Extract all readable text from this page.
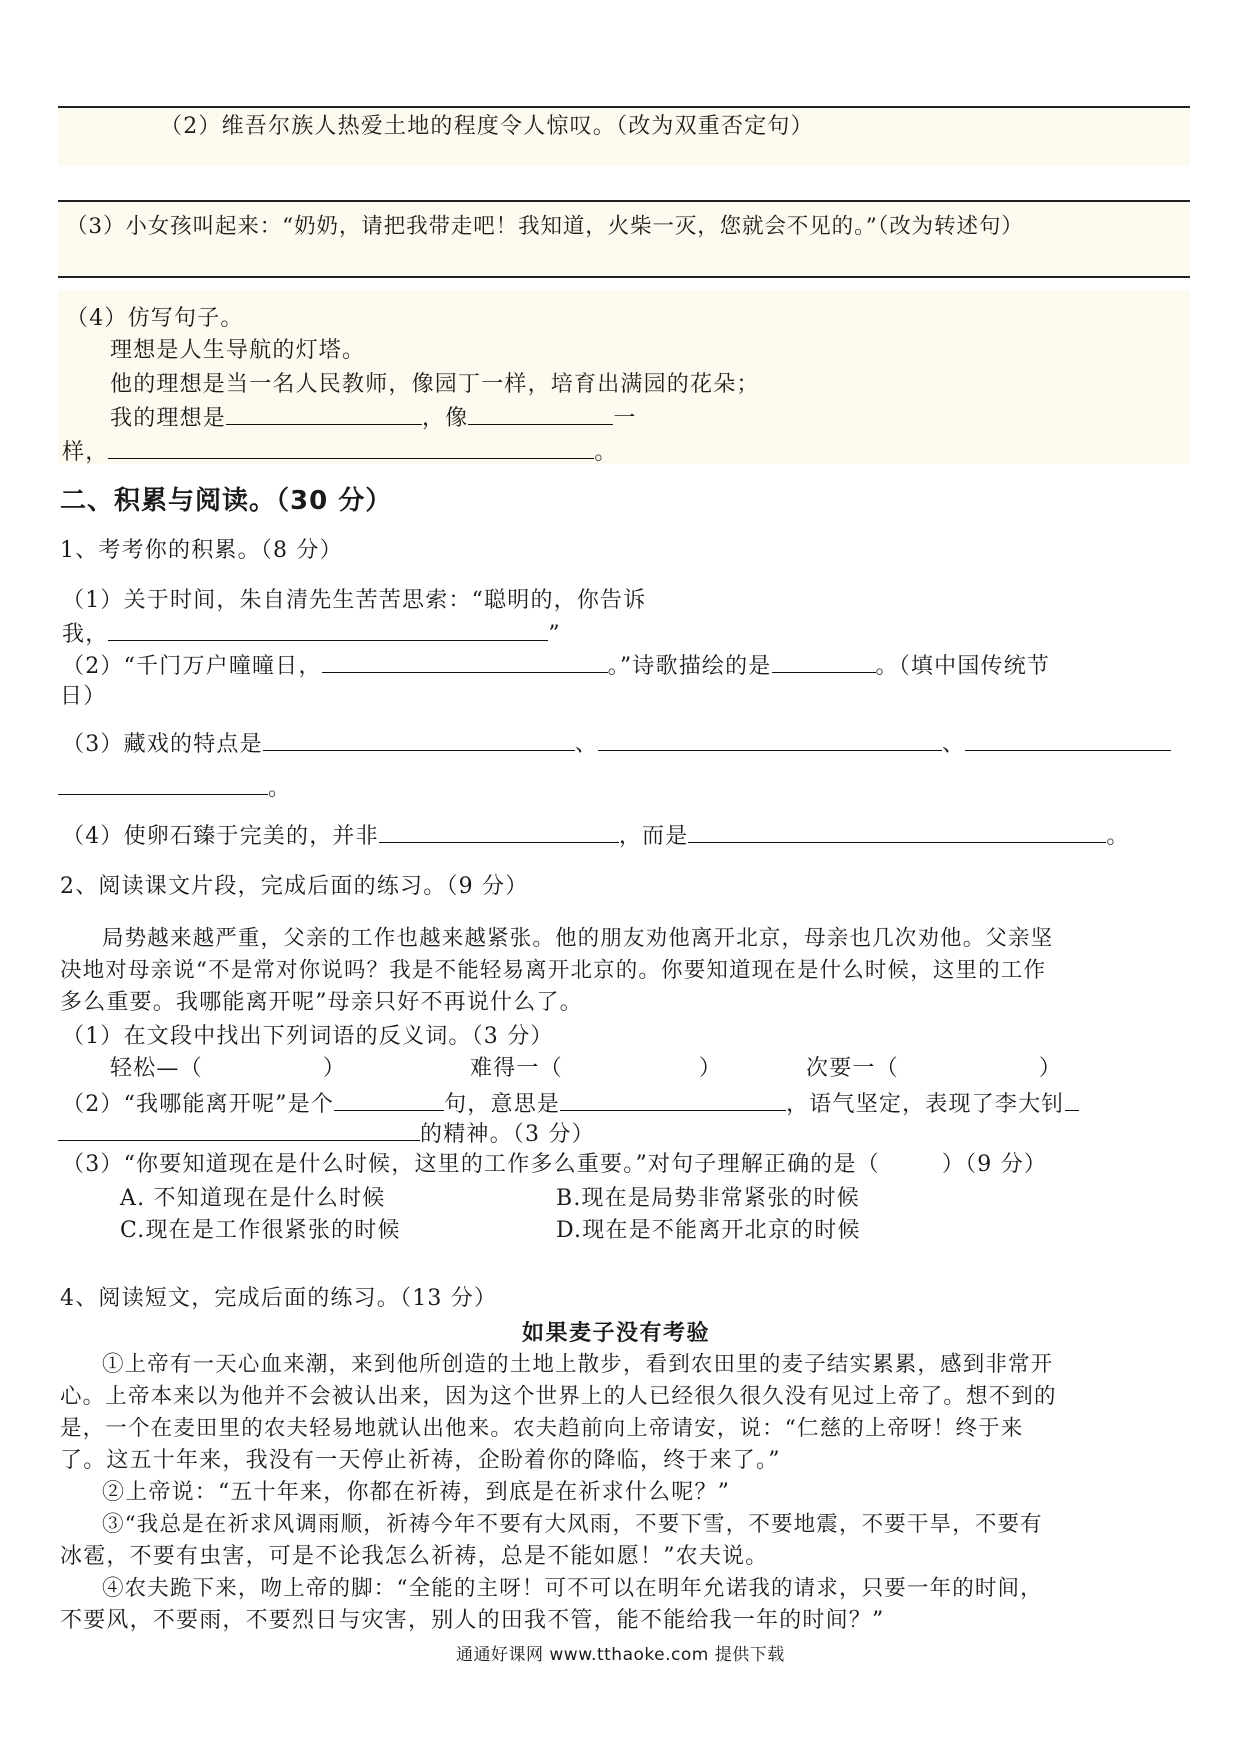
（2）维吾尔族人热爱土地的程度令人惊叹。（改为双重否定句）
（3）小女孩叫起来：“奶奶，请把我带走吧！我知道，火柴一灭，您就会不见的。”（改为转述句）
（4）仿写句子。
理想是人生导航的灯塔。
他的理想是当一名人民教师，像园丁一样，培育出满园的花朵；
我的理想是	，像	一
样，	。
二、积累与阅读。（30 分）
1、考考你的积累。（8 分）
（1）关于时间，朱自清先生苦苦思索：“聪明的，你告诉
我，	”
（2）“千门万户曈曈日，	。”诗歌描绘的是	。（填中国传统节
日）
（3）藏戏的特点是	、	、
。
（4）使卵石臻于完美的，并非	，而是	。
2、阅读课文片段，完成后面的练习。（9 分）
局势越来越严重，父亲的工作也越来越紧张。他的朋友劝他离开北京，母亲也几次劝他。父亲坚
决地对母亲说“不是常对你说吗？我是不能轻易离开北京的。你要知道现在是什么时候，这里的工作
多么重要。我哪能离开呢”母亲只好不再说什么了。
（1）在文段中找出下列词语的反义词。（3 分）
轻松—（	）	难得一（	）	次要一（	）
（2）“我哪能离开呢”是个	句，意思是	，语气坚定，表现了李大钊
的精神。（3 分）
（3）“你要知道现在是什么时候，这里的工作多么重要。”对句子理解正确的是（	）（9 分）
A. 不知道现在是什么时候	B.现在是局势非常紧张的时候
C.现在是工作很紧张的时候	D.现在是不能离开北京的时候
4、阅读短文，完成后面的练习。（13 分）
如果麦子没有考验
①上帝有一天心血来潮，来到他所创造的土地上散步，看到农田里的麦子结实累累，感到非常开
心。上帝本来以为他并不会被认出来，因为这个世界上的人已经很久很久没有见过上帝了。想不到的
是，一个在麦田里的农夫轻易地就认出他来。农夫趋前向上帝请安，说：“仁慈的上帝呀！终于来
了。这五十年来，我没有一天停止祈祷，企盼着你的降临，终于来了。”
②上帝说：“五十年来，你都在祈祷，到底是在祈求什么呢？”
③“我总是在祈求风调雨顺，祈祷今年不要有大风雨，不要下雪，不要地震，不要干旱，不要有
冰雹，不要有虫害，可是不论我怎么祈祷，总是不能如愿！”农夫说。
④农夫跪下来，吻上帝的脚：“全能的主呀！可不可以在明年允诺我的请求，只要一年的时间，
不要风，不要雨，不要烈日与灾害，别人的田我不管，能不能给我一年的时间？”
通通好课网 www.tthaoke.com 提供下载
